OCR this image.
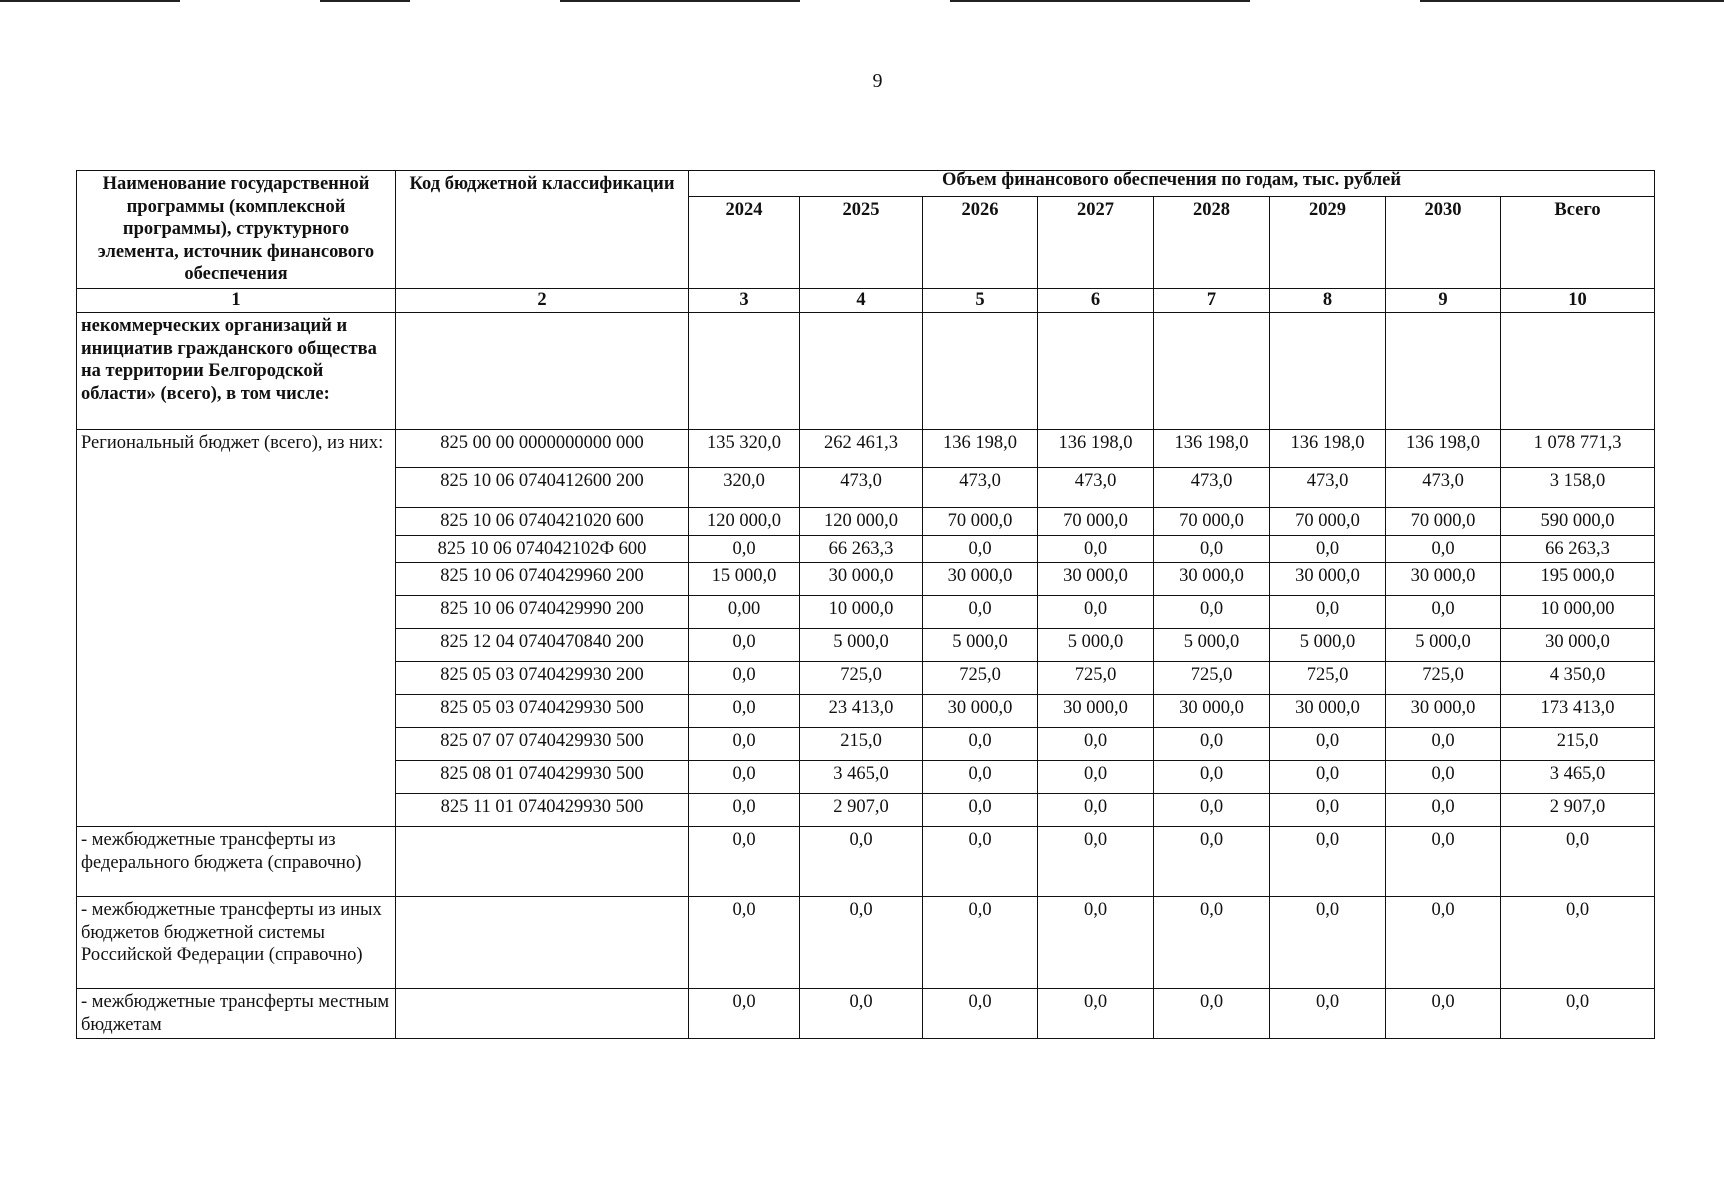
9
Наименование государственной программы (комплексной программы), структурного элемента, источник финансового обеспечения	Код бюджетной классификации	Объем финансового обеспечения по годам, тыс. рублей							
		2024	2025	2026	2027	2028	2029	2030	Всего
1	2	3	4	5	6	7	8	9	10
некоммерческих организаций и инициатив гражданского общества на территории Белгородской области» (всего), в том числе:									
Региональный бюджет (всего), из них:	825 00 00 0000000000 000	135 320,0	262 461,3	136 198,0	136 198,0	136 198,0	136 198,0	136 198,0	1 078 771,3
	825 10 06 0740412600 200	320,0	473,0	473,0	473,0	473,0	473,0	473,0	3 158,0
	825 10 06 0740421020 600	120 000,0	120 000,0	70 000,0	70 000,0	70 000,0	70 000,0	70 000,0	590 000,0
	825 10 06 074042102Ф 600	0,0	66 263,3	0,0	0,0	0,0	0,0	0,0	66 263,3
	825 10 06 0740429960 200	15 000,0	30 000,0	30 000,0	30 000,0	30 000,0	30 000,0	30 000,0	195 000,0
	825 10 06 0740429990 200	0,00	10 000,0	0,0	0,0	0,0	0,0	0,0	10 000,00
	825 12 04 0740470840 200	0,0	5 000,0	5 000,0	5 000,0	5 000,0	5 000,0	5 000,0	30 000,0
	825 05 03 0740429930 200	0,0	725,0	725,0	725,0	725,0	725,0	725,0	4 350,0
	825 05 03 0740429930 500	0,0	23 413,0	30 000,0	30 000,0	30 000,0	30 000,0	30 000,0	173 413,0
	825 07 07 0740429930 500	0,0	215,0	0,0	0,0	0,0	0,0	0,0	215,0
	825 08 01 0740429930 500	0,0	3 465,0	0,0	0,0	0,0	0,0	0,0	3 465,0
	825 11 01 0740429930 500	0,0	2 907,0	0,0	0,0	0,0	0,0	0,0	2 907,0
- межбюджетные трансферты из федерального бюджета (справочно)		0,0	0,0	0,0	0,0	0,0	0,0	0,0	0,0
- межбюджетные трансферты из иных бюджетов бюджетной системы Российской Федерации (справочно)		0,0	0,0	0,0	0,0	0,0	0,0	0,0	0,0
- межбюджетные трансферты местным бюджетам		0,0	0,0	0,0	0,0	0,0	0,0	0,0	0,0
